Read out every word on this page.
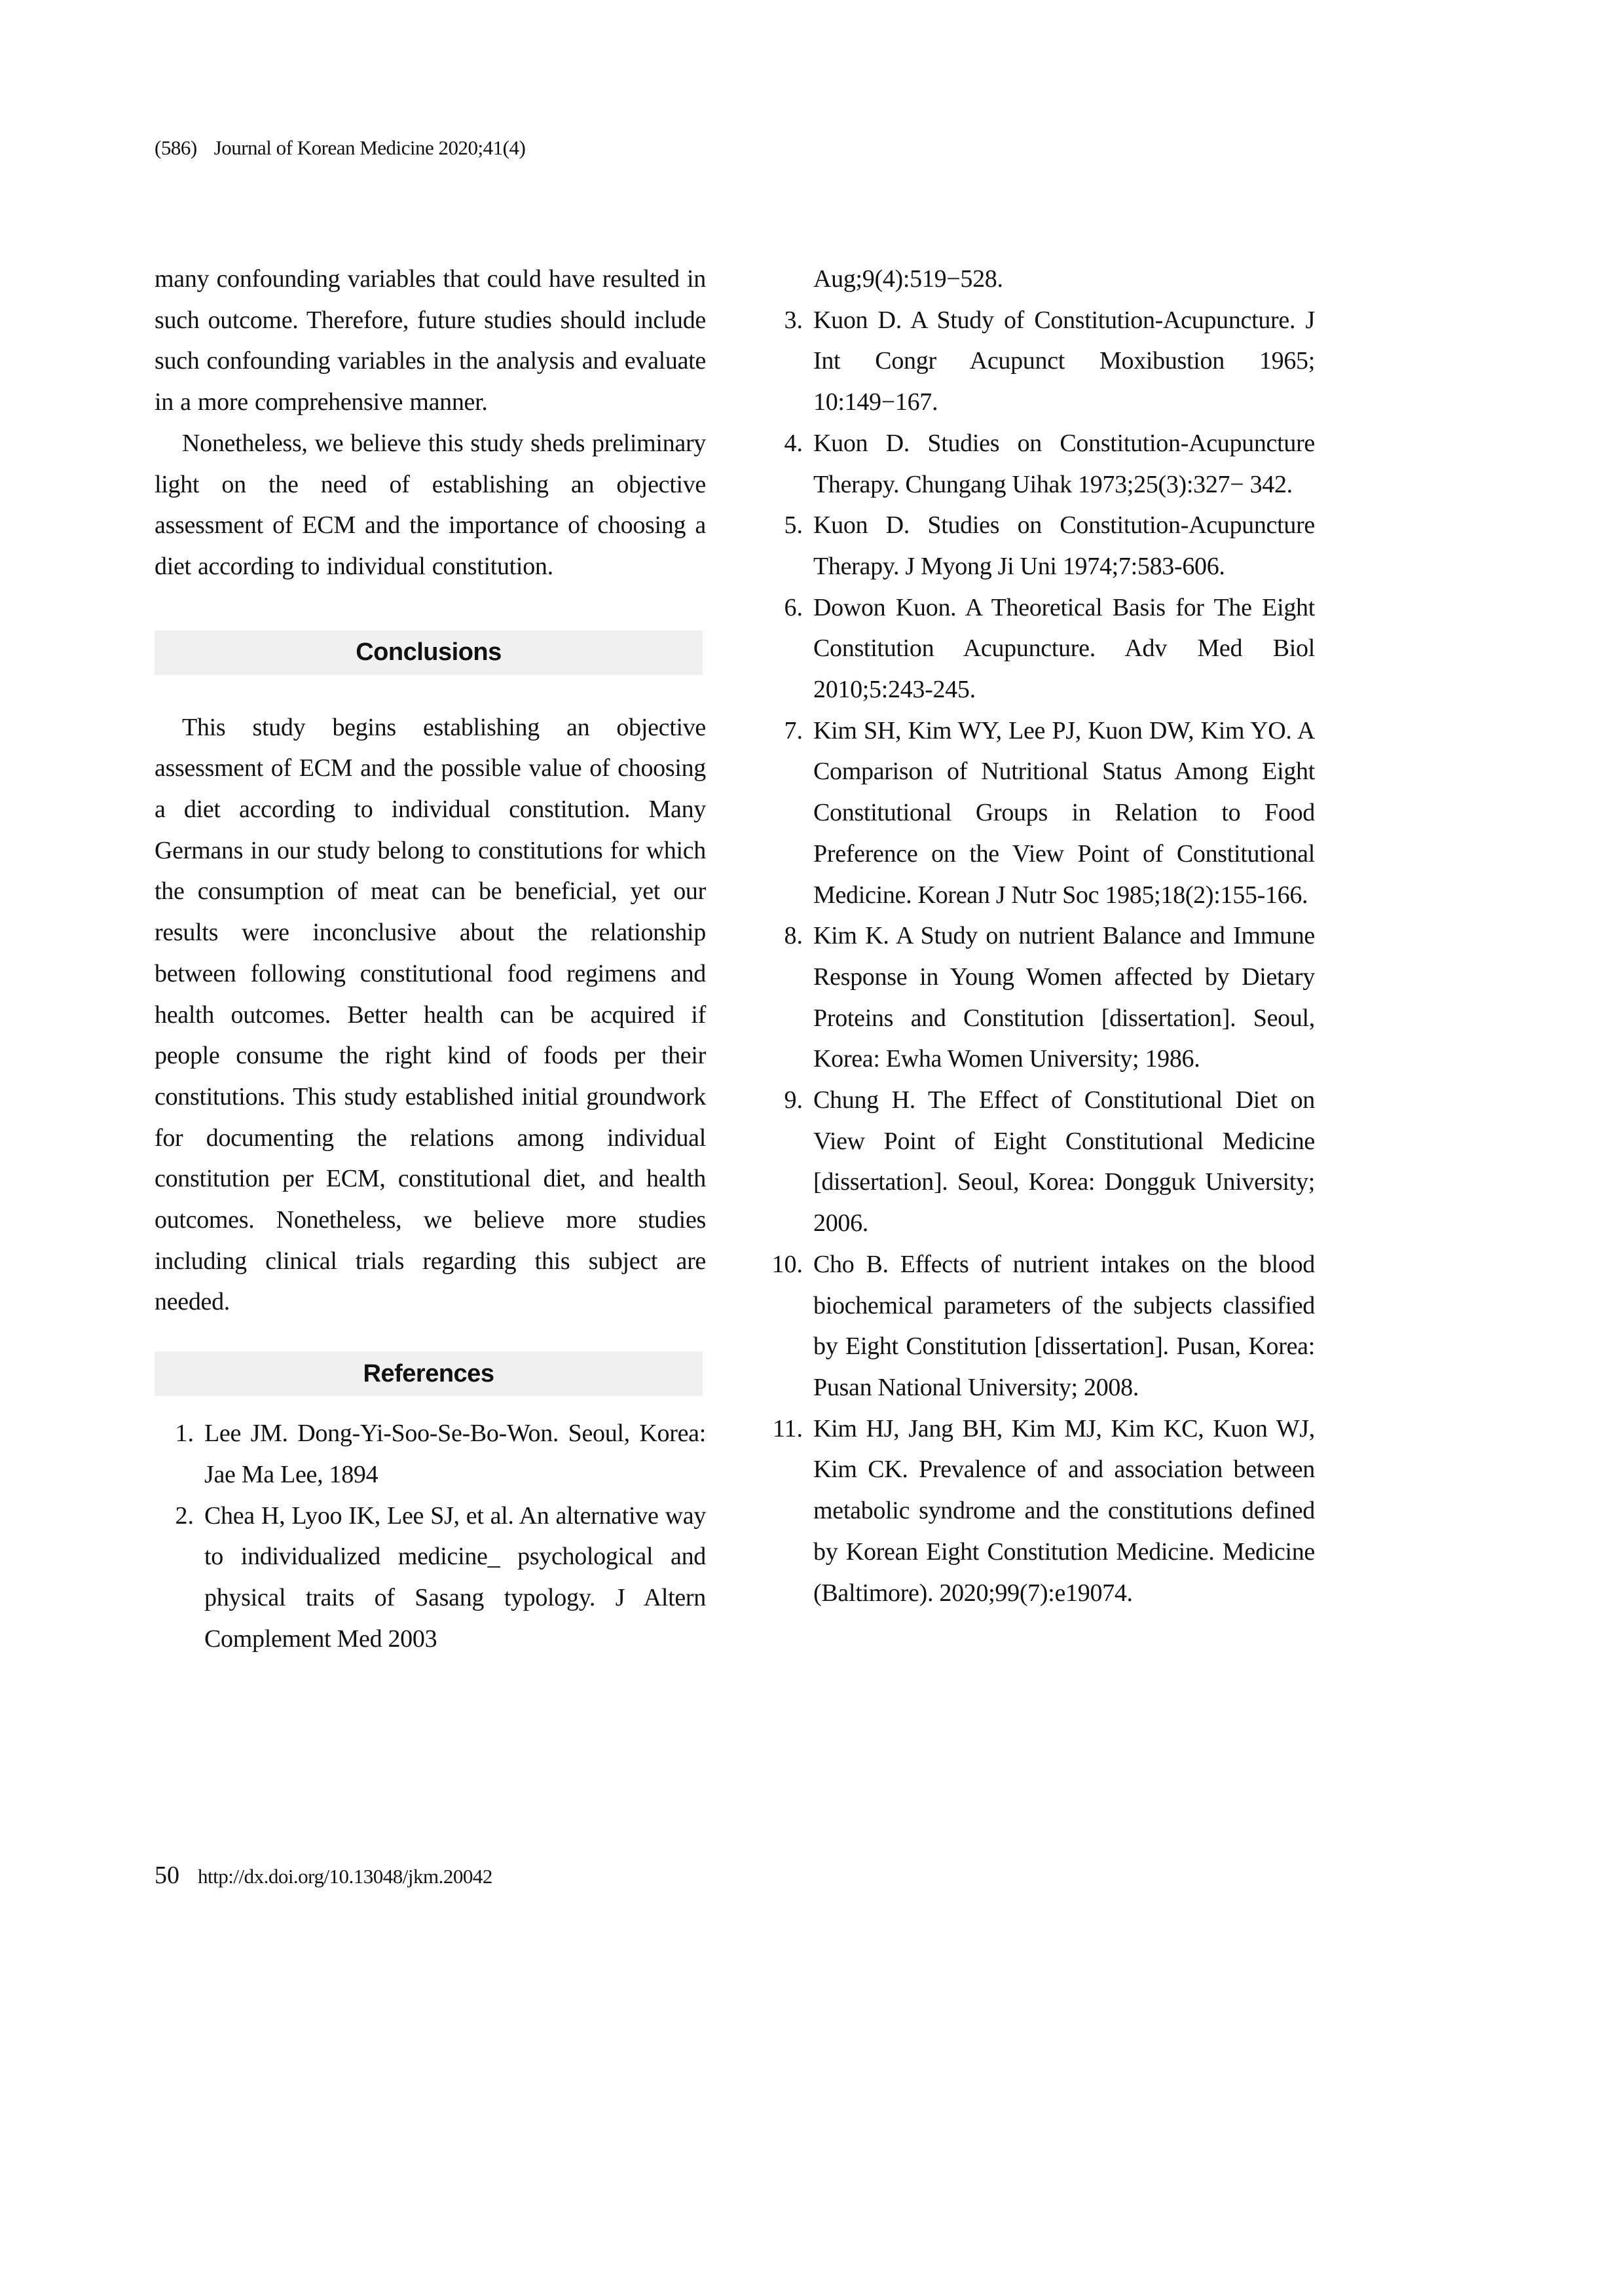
(586) Journal of Korean Medicine 2020;41(4)

many confounding variables that could have resulted in such outcome. Therefore, future studies should include such confounding variables in the analysis and evaluate in a more comprehensive manner.

Nonetheless, we believe this study sheds preliminary light on the need of establishing an objective assessment of ECM and the importance of choosing a diet according to individual constitution.

Conclusions

This study begins establishing an objective assessment of ECM and the possible value of choosing a diet according to individual constitution. Many Germans in our study belong to constitutions for which the consumption of meat can be beneficial, yet our results were inconclusive about the relationship between following constitutional food regimens and health outcomes. Better health can be acquired if people consume the right kind of foods per their constitutions. This study established initial groundwork for documenting the relations among individual constitution per ECM, constitutional diet, and health outcomes. Nonetheless, we believe more studies including clinical trials regarding this subject are needed.

References
1. Lee JM. Dong-Yi-Soo-Se-Bo-Won. Seoul, Korea: Jae Ma Lee, 1894
2. Chea H, Lyoo IK, Lee SJ, et al. An alternative way to individualized medicine_ psychological and physical traits of Sasang typology. J Altern Complement Med 2003
Aug;9(4):519−528.
3. Kuon D. A Study of Constitution-Acupuncture. J Int Congr Acupunct Moxibustion 1965; 10:149−167.
4. Kuon D. Studies on Constitution-Acupuncture Therapy. Chungang Uihak 1973;25(3):327− 342.
5. Kuon D. Studies on Constitution-Acupuncture Therapy. J Myong Ji Uni 1974;7:583-606.
6. Dowon Kuon. A Theoretical Basis for The Eight Constitution Acupuncture. Adv Med Biol 2010;5:243-245.
7. Kim SH, Kim WY, Lee PJ, Kuon DW, Kim YO. A Comparison of Nutritional Status Among Eight Constitutional Groups in Relation to Food Preference on the View Point of Constitutional Medicine. Korean J Nutr Soc 1985;18(2):155-166.
8. Kim K. A Study on nutrient Balance and Immune Response in Young Women affected by Dietary Proteins and Constitution [dissertation]. Seoul, Korea: Ewha Women University; 1986.
9. Chung H. The Effect of Constitutional Diet on View Point of Eight Constitutional Medicine [dissertation]. Seoul, Korea: Dongguk University; 2006.
10. Cho B. Effects of nutrient intakes on the blood biochemical parameters of the subjects classified by Eight Constitution [dissertation]. Pusan, Korea: Pusan National University; 2008.
11. Kim HJ, Jang BH, Kim MJ, Kim KC, Kuon WJ, Kim CK. Prevalence of and association between metabolic syndrome and the constitutions defined by Korean Eight Constitution Medicine. Medicine (Baltimore). 2020;99(7):e19074.
50 http://dx.doi.org/10.13048/jkm.20042
